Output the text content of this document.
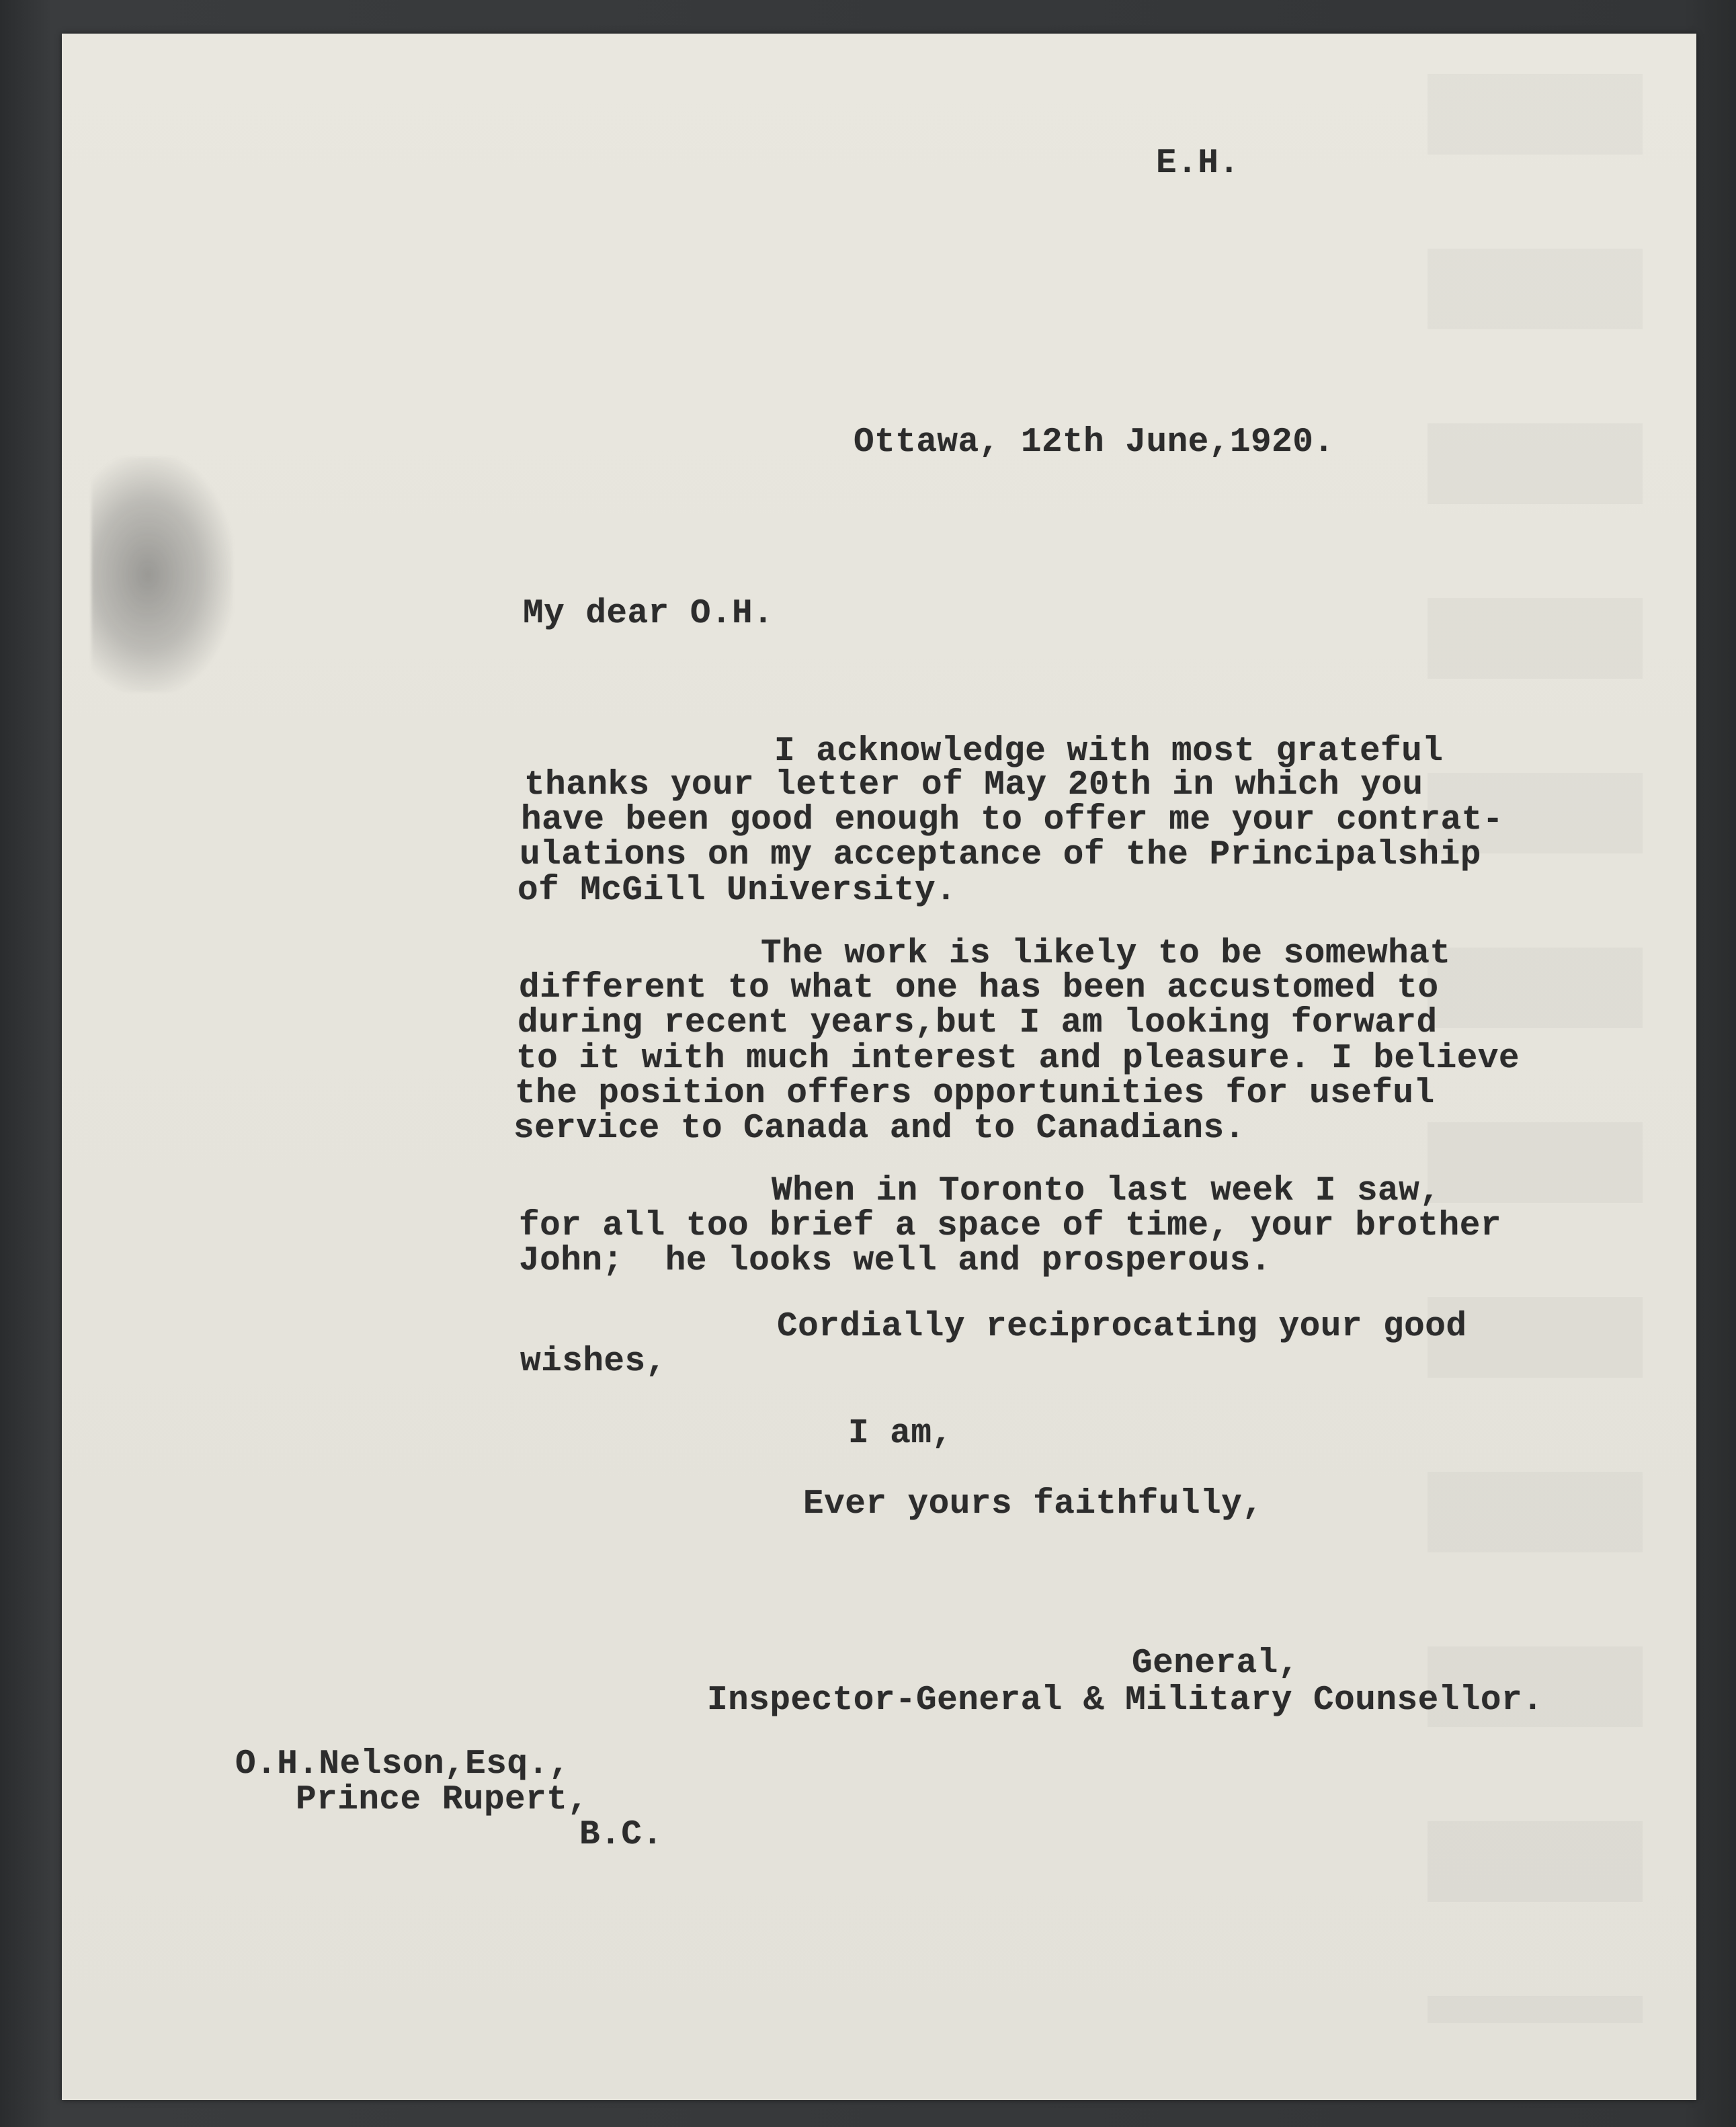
E.H.
Ottawa, 12th June,1920.
My dear O.H.
I acknowledge with most grateful
thanks your letter of May 20th in which you
have been good enough to offer me your contrat-
ulations on my acceptance of the Principalship
of McGill University.
The work is likely to be somewhat
different to what one has been accustomed to
during recent years,but I am looking forward
to it with much interest and pleasure. I believe
the position offers opportunities for useful
service to Canada and to Canadians.
When in Toronto last week I saw,
for all too brief a space of time, your brother
John;  he looks well and prosperous.
Cordially reciprocating your good
wishes,
I am,
Ever yours faithfully,
General,
Inspector-General & Military Counsellor.
O.H.Nelson,Esq.,
Prince Rupert,
B.C.
